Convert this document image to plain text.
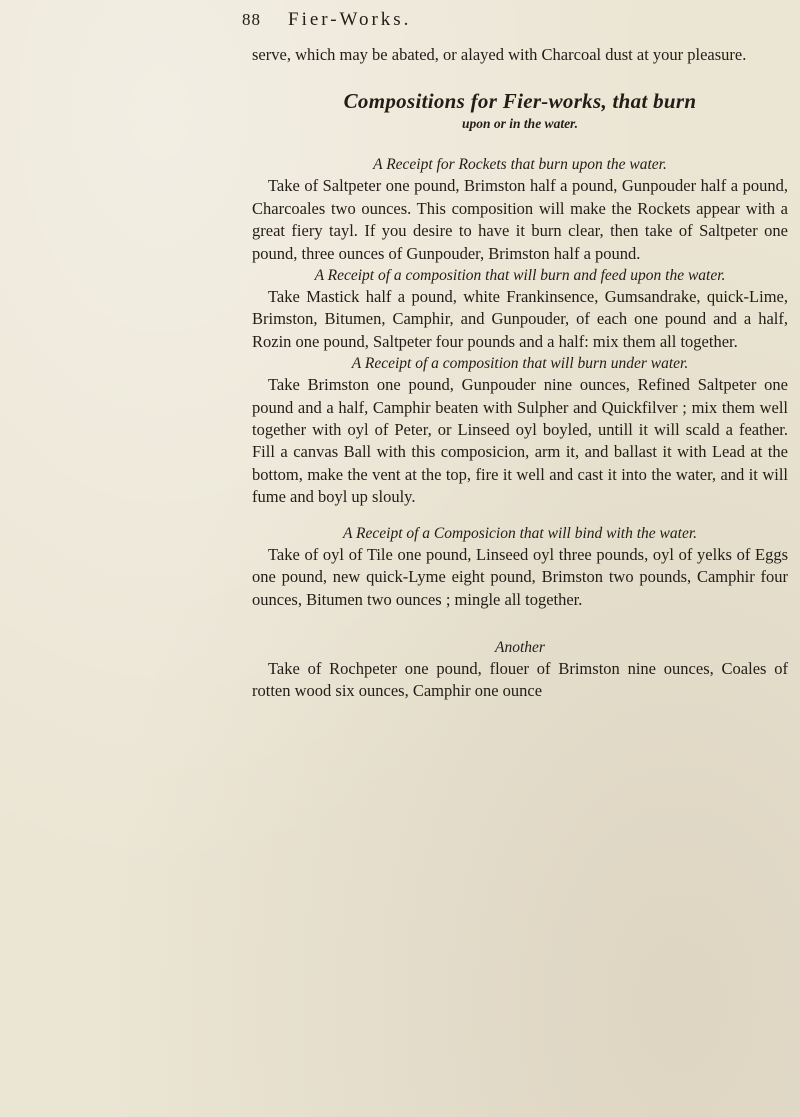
88 Fier-Works.

serve, which may be abated, or alayed with Charcoal dust at your pleasure.

Compositions for Fier-works, that burn
upon or in the water.
A Receipt for Rockets that burn upon the water.

Take of Saltpeter one pound, Brimston half a pound, Gunpouder half a pound, Charcoales two ounces. This composition will make the Rockets appear with a great fiery tayl. If you desire to have it burn clear, then take of Saltpeter one pound, three ounces of Gunpouder, Brimston half a pound.

A Receipt of a composition that will burn and feed upon the water.

Take Mastick half a pound, white Frankinsence, Gumsandrake, quick-Lime, Brimston, Bitumen, Camphir, and Gunpouder, of each one pound and a half, Rozin one pound, Saltpeter four pounds and a half: mix them all together.

A Receipt of a composition that will burn under water.

Take Brimston one pound, Gunpouder nine ounces, Refined Saltpeter one pound and a half, Camphir beaten with Sulpher and Quickfilver ; mix them well together with oyl of Peter, or Linseed oyl boyled, untill it will scald a feather. Fill a canvas Ball with this composicion, arm it, and ballast it with Lead at the bottom, make the vent at the top, fire it well and cast it into the water, and it will fume and boyl up slouly.

A Receipt of a Composicion that will bind with the water.

Take of oyl of Tile one pound, Linseed oyl three pounds, oyl of yelks of Eggs one pound, new quick-Lyme eight pound, Brimston two pounds, Camphir four ounces, Bitumen two ounces ; mingle all together.

Another

Take of Rochpeter one pound, flouer of Brimston nine ounces, Coales of rotten wood six ounces, Camphir one ounce
